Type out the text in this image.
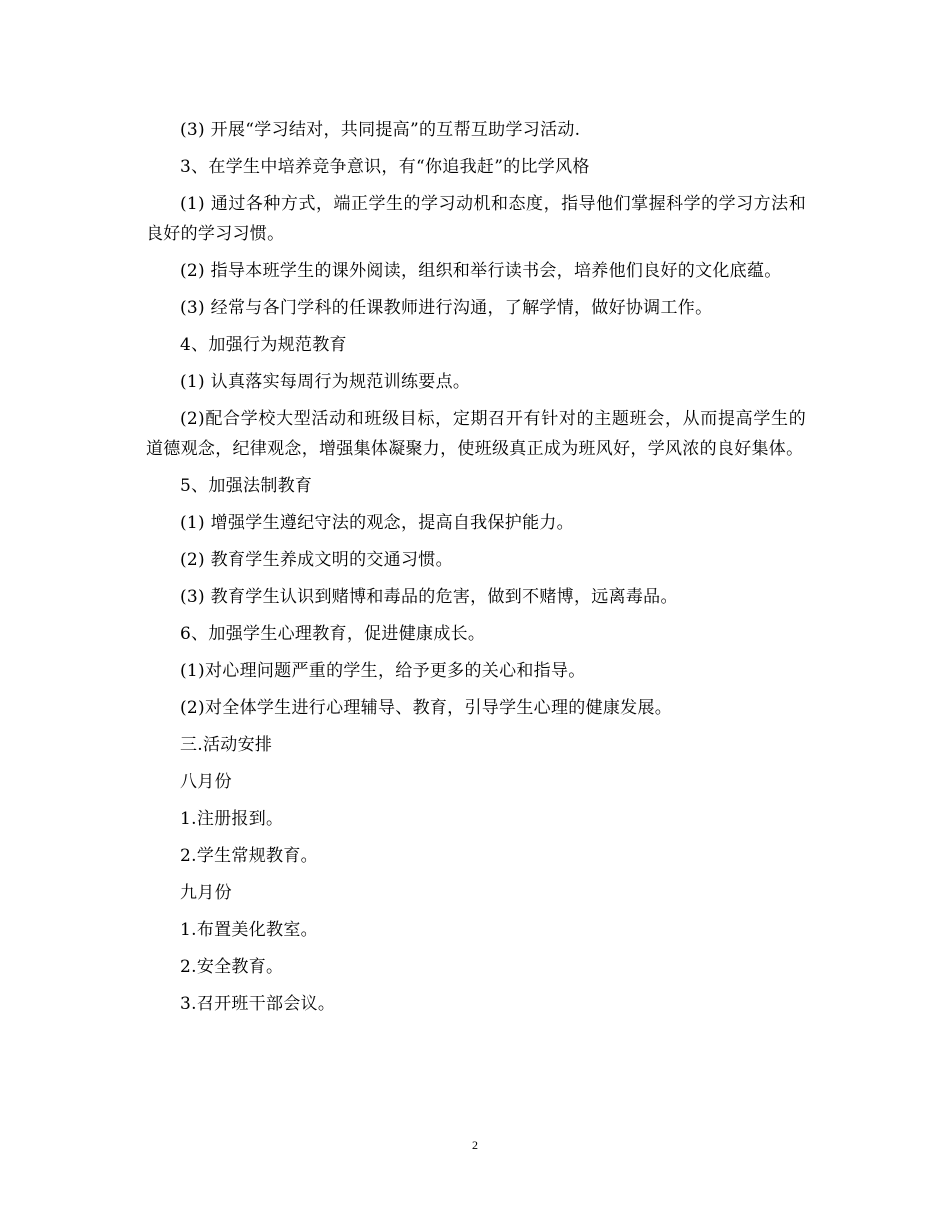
(3) 开展“学习结对，共同提高”的互帮互助学习活动.

3、在学生中培养竞争意识，有“你追我赶”的比学风格

(1) 通过各种方式，端正学生的学习动机和态度，指导他们掌握科学的学习方法和良好的学习习惯。

(2) 指导本班学生的课外阅读，组织和举行读书会，培养他们良好的文化底蕴。

(3) 经常与各门学科的任课教师进行沟通，了解学情，做好协调工作。

4、加强行为规范教育

(1) 认真落实每周行为规范训练要点。

(2)配合学校大型活动和班级目标，定期召开有针对的主题班会，从而提高学生的道德观念，纪律观念，增强集体凝聚力，使班级真正成为班风好，学风浓的良好集体。

5、加强法制教育

(1) 增强学生遵纪守法的观念，提高自我保护能力。

(2) 教育学生养成文明的交通习惯。

(3) 教育学生认识到赌博和毒品的危害，做到不赌博，远离毒品。

6、加强学生心理教育，促进健康成长。

(1)对心理问题严重的学生，给予更多的关心和指导。

(2)对全体学生进行心理辅导、教育，引导学生心理的健康发展。

三.活动安排

八月份

1.注册报到。

2.学生常规教育。

九月份

1.布置美化教室。

2.安全教育。

3.召开班干部会议。

2
